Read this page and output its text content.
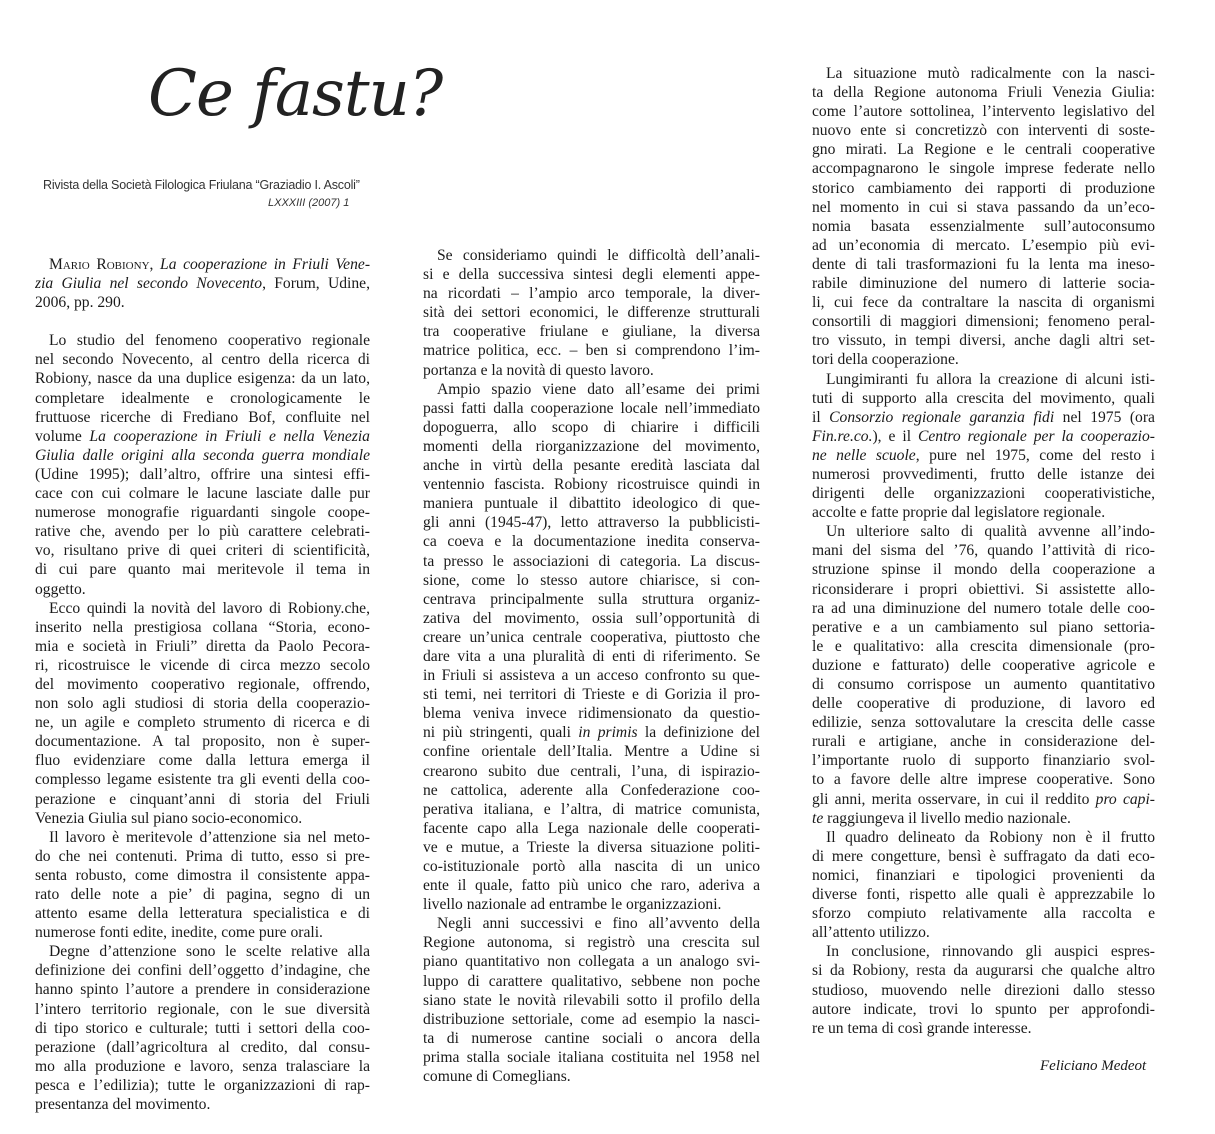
Ce fastu?
Rivista della Società Filologica Friulana “Graziadio I. Ascoli”
LXXXIII (2007) 1
Mario Robiony, La cooperazione in Friuli Vene-
zia Giulia nel secondo Novecento, Forum, Udine,
2006, pp. 290.
Lo studio del fenomeno cooperativo regionale
nel secondo Novecento, al centro della ricerca di
Robiony, nasce da una duplice esigenza: da un lato,
completare idealmente e cronologicamente le
fruttuose ricerche di Frediano Bof, confluite nel
volume La cooperazione in Friuli e nella Venezia
Giulia dalle origini alla seconda guerra mondiale
(Udine 1995); dall’altro, offrire una sintesi effi-
cace con cui colmare le lacune lasciate dalle pur
numerose monografie riguardanti singole coope-
rative che, avendo per lo più carattere celebrati-
vo, risultano prive di quei criteri di scientificità,
di cui pare quanto mai meritevole il tema in
oggetto.
Ecco quindi la novità del lavoro di Robiony.che,
inserito nella prestigiosa collana “Storia, econo-
mia e società in Friuli” diretta da Paolo Pecora-
ri, ricostruisce le vicende di circa mezzo secolo
del movimento cooperativo regionale, offrendo,
non solo agli studiosi di storia della cooperazio-
ne, un agile e completo strumento di ricerca e di
documentazione. A tal proposito, non è super-
fluo evidenziare come dalla lettura emerga il
complesso legame esistente tra gli eventi della coo-
perazione e cinquant’anni di storia del Friuli
Venezia Giulia sul piano socio-economico.
Il lavoro è meritevole d’attenzione sia nel meto-
do che nei contenuti. Prima di tutto, esso si pre-
senta robusto, come dimostra il consistente appa-
rato delle note a pie’ di pagina, segno di un
attento esame della letteratura specialistica e di
numerose fonti edite, inedite, come pure orali.
Degne d’attenzione sono le scelte relative alla
definizione dei confini dell’oggetto d’indagine, che
hanno spinto l’autore a prendere in considerazione
l’intero territorio regionale, con le sue diversità
di tipo storico e culturale; tutti i settori della coo-
perazione (dall’agricoltura al credito, dal consu-
mo alla produzione e lavoro, senza tralasciare la
pesca e l’edilizia); tutte le organizzazioni di rap-
presentanza del movimento.
Se consideriamo quindi le difficoltà dell’anali-
si e della successiva sintesi degli elementi appe-
na ricordati – l’ampio arco temporale, la diver-
sità dei settori economici, le differenze strutturali
tra cooperative friulane e giuliane, la diversa
matrice politica, ecc. – ben si comprendono l’im-
portanza e la novità di questo lavoro.
Ampio spazio viene dato all’esame dei primi
passi fatti dalla cooperazione locale nell’immediato
dopoguerra, allo scopo di chiarire i difficili
momenti della riorganizzazione del movimento,
anche in virtù della pesante eredità lasciata dal
ventennio fascista. Robiony ricostruisce quindi in
maniera puntuale il dibattito ideologico di que-
gli anni (1945-47), letto attraverso la pubblicisti-
ca coeva e la documentazione inedita conserva-
ta presso le associazioni di categoria. La discus-
sione, come lo stesso autore chiarisce, si con-
centrava principalmente sulla struttura organiz-
zativa del movimento, ossia sull’opportunità di
creare un’unica centrale cooperativa, piuttosto che
dare vita a una pluralità di enti di riferimento. Se
in Friuli si assisteva a un acceso confronto su que-
sti temi, nei territori di Trieste e di Gorizia il pro-
blema veniva invece ridimensionato da questio-
ni più stringenti, quali in primis la definizione del
confine orientale dell’Italia. Mentre a Udine si
crearono subito due centrali, l’una, di ispirazio-
ne cattolica, aderente alla Confederazione coo-
perativa italiana, e l’altra, di matrice comunista,
facente capo alla Lega nazionale delle cooperati-
ve e mutue, a Trieste la diversa situazione politi-
co-istituzionale portò alla nascita di un unico
ente il quale, fatto più unico che raro, aderiva a
livello nazionale ad entrambe le organizzazioni.
Negli anni successivi e fino all’avvento della
Regione autonoma, si registrò una crescita sul
piano quantitativo non collegata a un analogo svi-
luppo di carattere qualitativo, sebbene non poche
siano state le novità rilevabili sotto il profilo della
distribuzione settoriale, come ad esempio la nasci-
ta di numerose cantine sociali o ancora della
prima stalla sociale italiana costituita nel 1958 nel
comune di Comeglians.
La situazione mutò radicalmente con la nasci-
ta della Regione autonoma Friuli Venezia Giulia:
come l’autore sottolinea, l’intervento legislativo del
nuovo ente si concretizzò con interventi di soste-
gno mirati. La Regione e le centrali cooperative
accompagnarono le singole imprese federate nello
storico cambiamento dei rapporti di produzione
nel momento in cui si stava passando da un’eco-
nomia basata essenzialmente sull’autoconsumo
ad un’economia di mercato. L’esempio più evi-
dente di tali trasformazioni fu la lenta ma ineso-
rabile diminuzione del numero di latterie socia-
li, cui fece da contraltare la nascita di organismi
consortili di maggiori dimensioni; fenomeno peral-
tro vissuto, in tempi diversi, anche dagli altri set-
tori della cooperazione.
Lungimiranti fu allora la creazione di alcuni isti-
tuti di supporto alla crescita del movimento, quali
il Consorzio regionale garanzia fidi nel 1975 (ora
Fin.re.co.), e il Centro regionale per la cooperazio-
ne nelle scuole, pure nel 1975, come del resto i
numerosi provvedimenti, frutto delle istanze dei
dirigenti delle organizzazioni cooperativistiche,
accolte e fatte proprie dal legislatore regionale.
Un ulteriore salto di qualità avvenne all’indo-
mani del sisma del ’76, quando l’attività di rico-
struzione spinse il mondo della cooperazione a
riconsiderare i propri obiettivi. Si assistette allo-
ra ad una diminuzione del numero totale delle coo-
perative e a un cambiamento sul piano settoria-
le e qualitativo: alla crescita dimensionale (pro-
duzione e fatturato) delle cooperative agricole e
di consumo corrispose un aumento quantitativo
delle cooperative di produzione, di lavoro ed
edilizie, senza sottovalutare la crescita delle casse
rurali e artigiane, anche in considerazione del-
l’importante ruolo di supporto finanziario svol-
to a favore delle altre imprese cooperative. Sono
gli anni, merita osservare, in cui il reddito pro capi-
te raggiungeva il livello medio nazionale.
Il quadro delineato da Robiony non è il frutto
di mere congetture, bensì è suffragato da dati eco-
nomici, finanziari e tipologici provenienti da
diverse fonti, rispetto alle quali è apprezzabile lo
sforzo compiuto relativamente alla raccolta e
all’attento utilizzo.
In conclusione, rinnovando gli auspici espres-
si da Robiony, resta da augurarsi che qualche altro
studioso, muovendo nelle direzioni dallo stesso
autore indicate, trovi lo spunto per approfondi-
re un tema di così grande interesse.
Feliciano Medeot
